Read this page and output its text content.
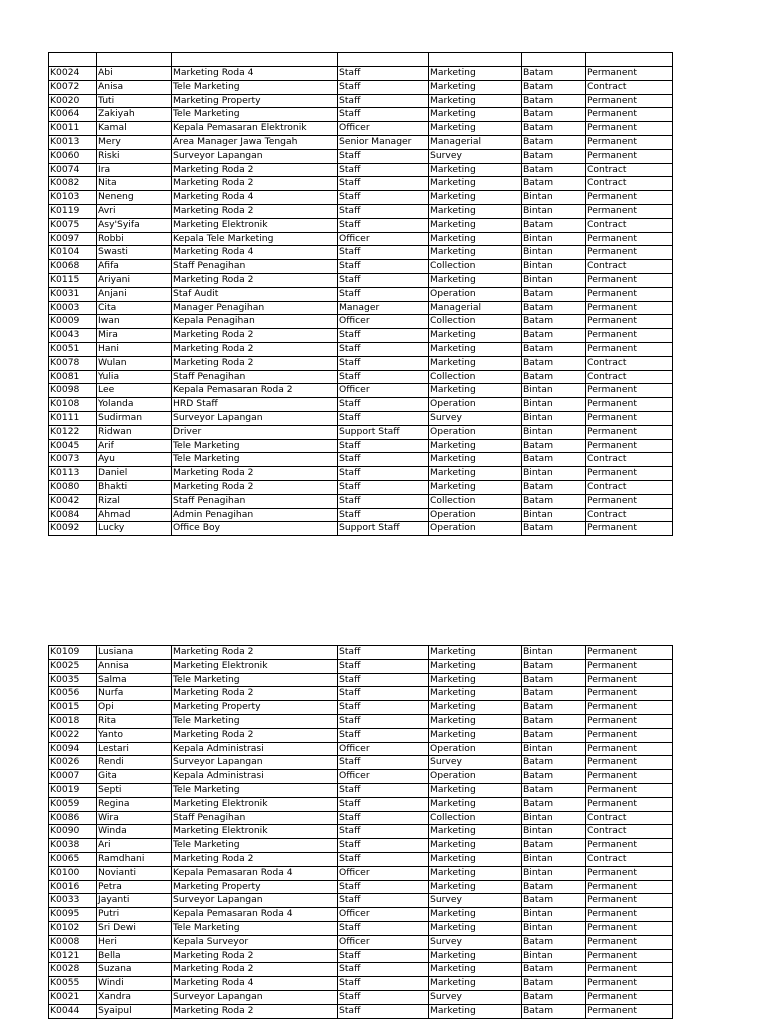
K0024	Abi	Marketing Roda 4	Staff	Marketing	Batam	Permanent
K0072	Anisa	Tele Marketing	Staff	Marketing	Batam	Contract
K0020	Tuti	Marketing Property	Staff	Marketing	Batam	Permanent
K0064	Zakiyah	Tele Marketing	Staff	Marketing	Batam	Permanent
K0011	Kamal	Kepala Pemasaran Elektronik	Officer	Marketing	Batam	Permanent
K0013	Mery	Area Manager Jawa Tengah	Senior Manager	Managerial	Batam	Permanent
K0060	Riski	Surveyor Lapangan	Staff	Survey	Batam	Permanent
K0074	Ira	Marketing Roda 2	Staff	Marketing	Batam	Contract
K0082	Nita	Marketing Roda 2	Staff	Marketing	Batam	Contract
K0103	Neneng	Marketing Roda 4	Staff	Marketing	Bintan	Permanent
K0119	Avri	Marketing Roda 2	Staff	Marketing	Bintan	Permanent
K0075	Asy'Syifa	Marketing Elektronik	Staff	Marketing	Batam	Contract
K0097	Robbi	Kepala Tele Marketing	Officer	Marketing	Bintan	Permanent
K0104	Swasti	Marketing Roda 4	Staff	Marketing	Bintan	Permanent
K0068	Afifa	Staff Penagihan	Staff	Collection	Bintan	Contract
K0115	Ariyani	Marketing Roda 2	Staff	Marketing	Bintan	Permanent
K0031	Anjani	Staf Audit	Staff	Operation	Batam	Permanent
K0003	Cita	Manager Penagihan	Manager	Managerial	Batam	Permanent
K0009	Iwan	Kepala Penagihan	Officer	Collection	Batam	Permanent
K0043	Mira	Marketing Roda 2	Staff	Marketing	Batam	Permanent
K0051	Hani	Marketing Roda 2	Staff	Marketing	Batam	Permanent
K0078	Wulan	Marketing Roda 2	Staff	Marketing	Batam	Contract
K0081	Yulia	Staff Penagihan	Staff	Collection	Batam	Contract
K0098	Lee	Kepala Pemasaran Roda 2	Officer	Marketing	Bintan	Permanent
K0108	Yolanda	HRD Staff	Staff	Operation	Bintan	Permanent
K0111	Sudirman	Surveyor Lapangan	Staff	Survey	Bintan	Permanent
K0122	Ridwan	Driver	Support Staff	Operation	Bintan	Permanent
K0045	Arif	Tele Marketing	Staff	Marketing	Batam	Permanent
K0073	Ayu	Tele Marketing	Staff	Marketing	Batam	Contract
K0113	Daniel	Marketing Roda 2	Staff	Marketing	Bintan	Permanent
K0080	Bhakti	Marketing Roda 2	Staff	Marketing	Batam	Contract
K0042	Rizal	Staff Penagihan	Staff	Collection	Batam	Permanent
K0084	Ahmad	Admin Penagihan	Staff	Operation	Bintan	Contract
K0092	Lucky	Office Boy	Support Staff	Operation	Batam	Permanent
K0109	Lusiana	Marketing Roda 2	Staff	Marketing	Bintan	Permanent
K0025	Annisa	Marketing Elektronik	Staff	Marketing	Batam	Permanent
K0035	Salma	Tele Marketing	Staff	Marketing	Batam	Permanent
K0056	Nurfa	Marketing Roda 2	Staff	Marketing	Batam	Permanent
K0015	Opi	Marketing Property	Staff	Marketing	Batam	Permanent
K0018	Rita	Tele Marketing	Staff	Marketing	Batam	Permanent
K0022	Yanto	Marketing Roda 2	Staff	Marketing	Batam	Permanent
K0094	Lestari	Kepala Administrasi	Officer	Operation	Bintan	Permanent
K0026	Rendi	Surveyor Lapangan	Staff	Survey	Batam	Permanent
K0007	Gita	Kepala Administrasi	Officer	Operation	Batam	Permanent
K0019	Septi	Tele Marketing	Staff	Marketing	Batam	Permanent
K0059	Regina	Marketing Elektronik	Staff	Marketing	Batam	Permanent
K0086	Wira	Staff Penagihan	Staff	Collection	Bintan	Contract
K0090	Winda	Marketing Elektronik	Staff	Marketing	Bintan	Contract
K0038	Ari	Tele Marketing	Staff	Marketing	Batam	Permanent
K0065	Ramdhani	Marketing Roda 2	Staff	Marketing	Bintan	Contract
K0100	Novianti	Kepala Pemasaran Roda 4	Officer	Marketing	Bintan	Permanent
K0016	Petra	Marketing Property	Staff	Marketing	Batam	Permanent
K0033	Jayanti	Surveyor Lapangan	Staff	Survey	Batam	Permanent
K0095	Putri	Kepala Pemasaran Roda 4	Officer	Marketing	Bintan	Permanent
K0102	Sri Dewi	Tele Marketing	Staff	Marketing	Bintan	Permanent
K0008	Heri	Kepala Surveyor	Officer	Survey	Batam	Permanent
K0121	Bella	Marketing Roda 2	Staff	Marketing	Bintan	Permanent
K0028	Suzana	Marketing Roda 2	Staff	Marketing	Batam	Permanent
K0055	Windi	Marketing Roda 4	Staff	Marketing	Batam	Permanent
K0021	Xandra	Surveyor Lapangan	Staff	Survey	Batam	Permanent
K0044	Syaipul	Marketing Roda 2	Staff	Marketing	Batam	Permanent
